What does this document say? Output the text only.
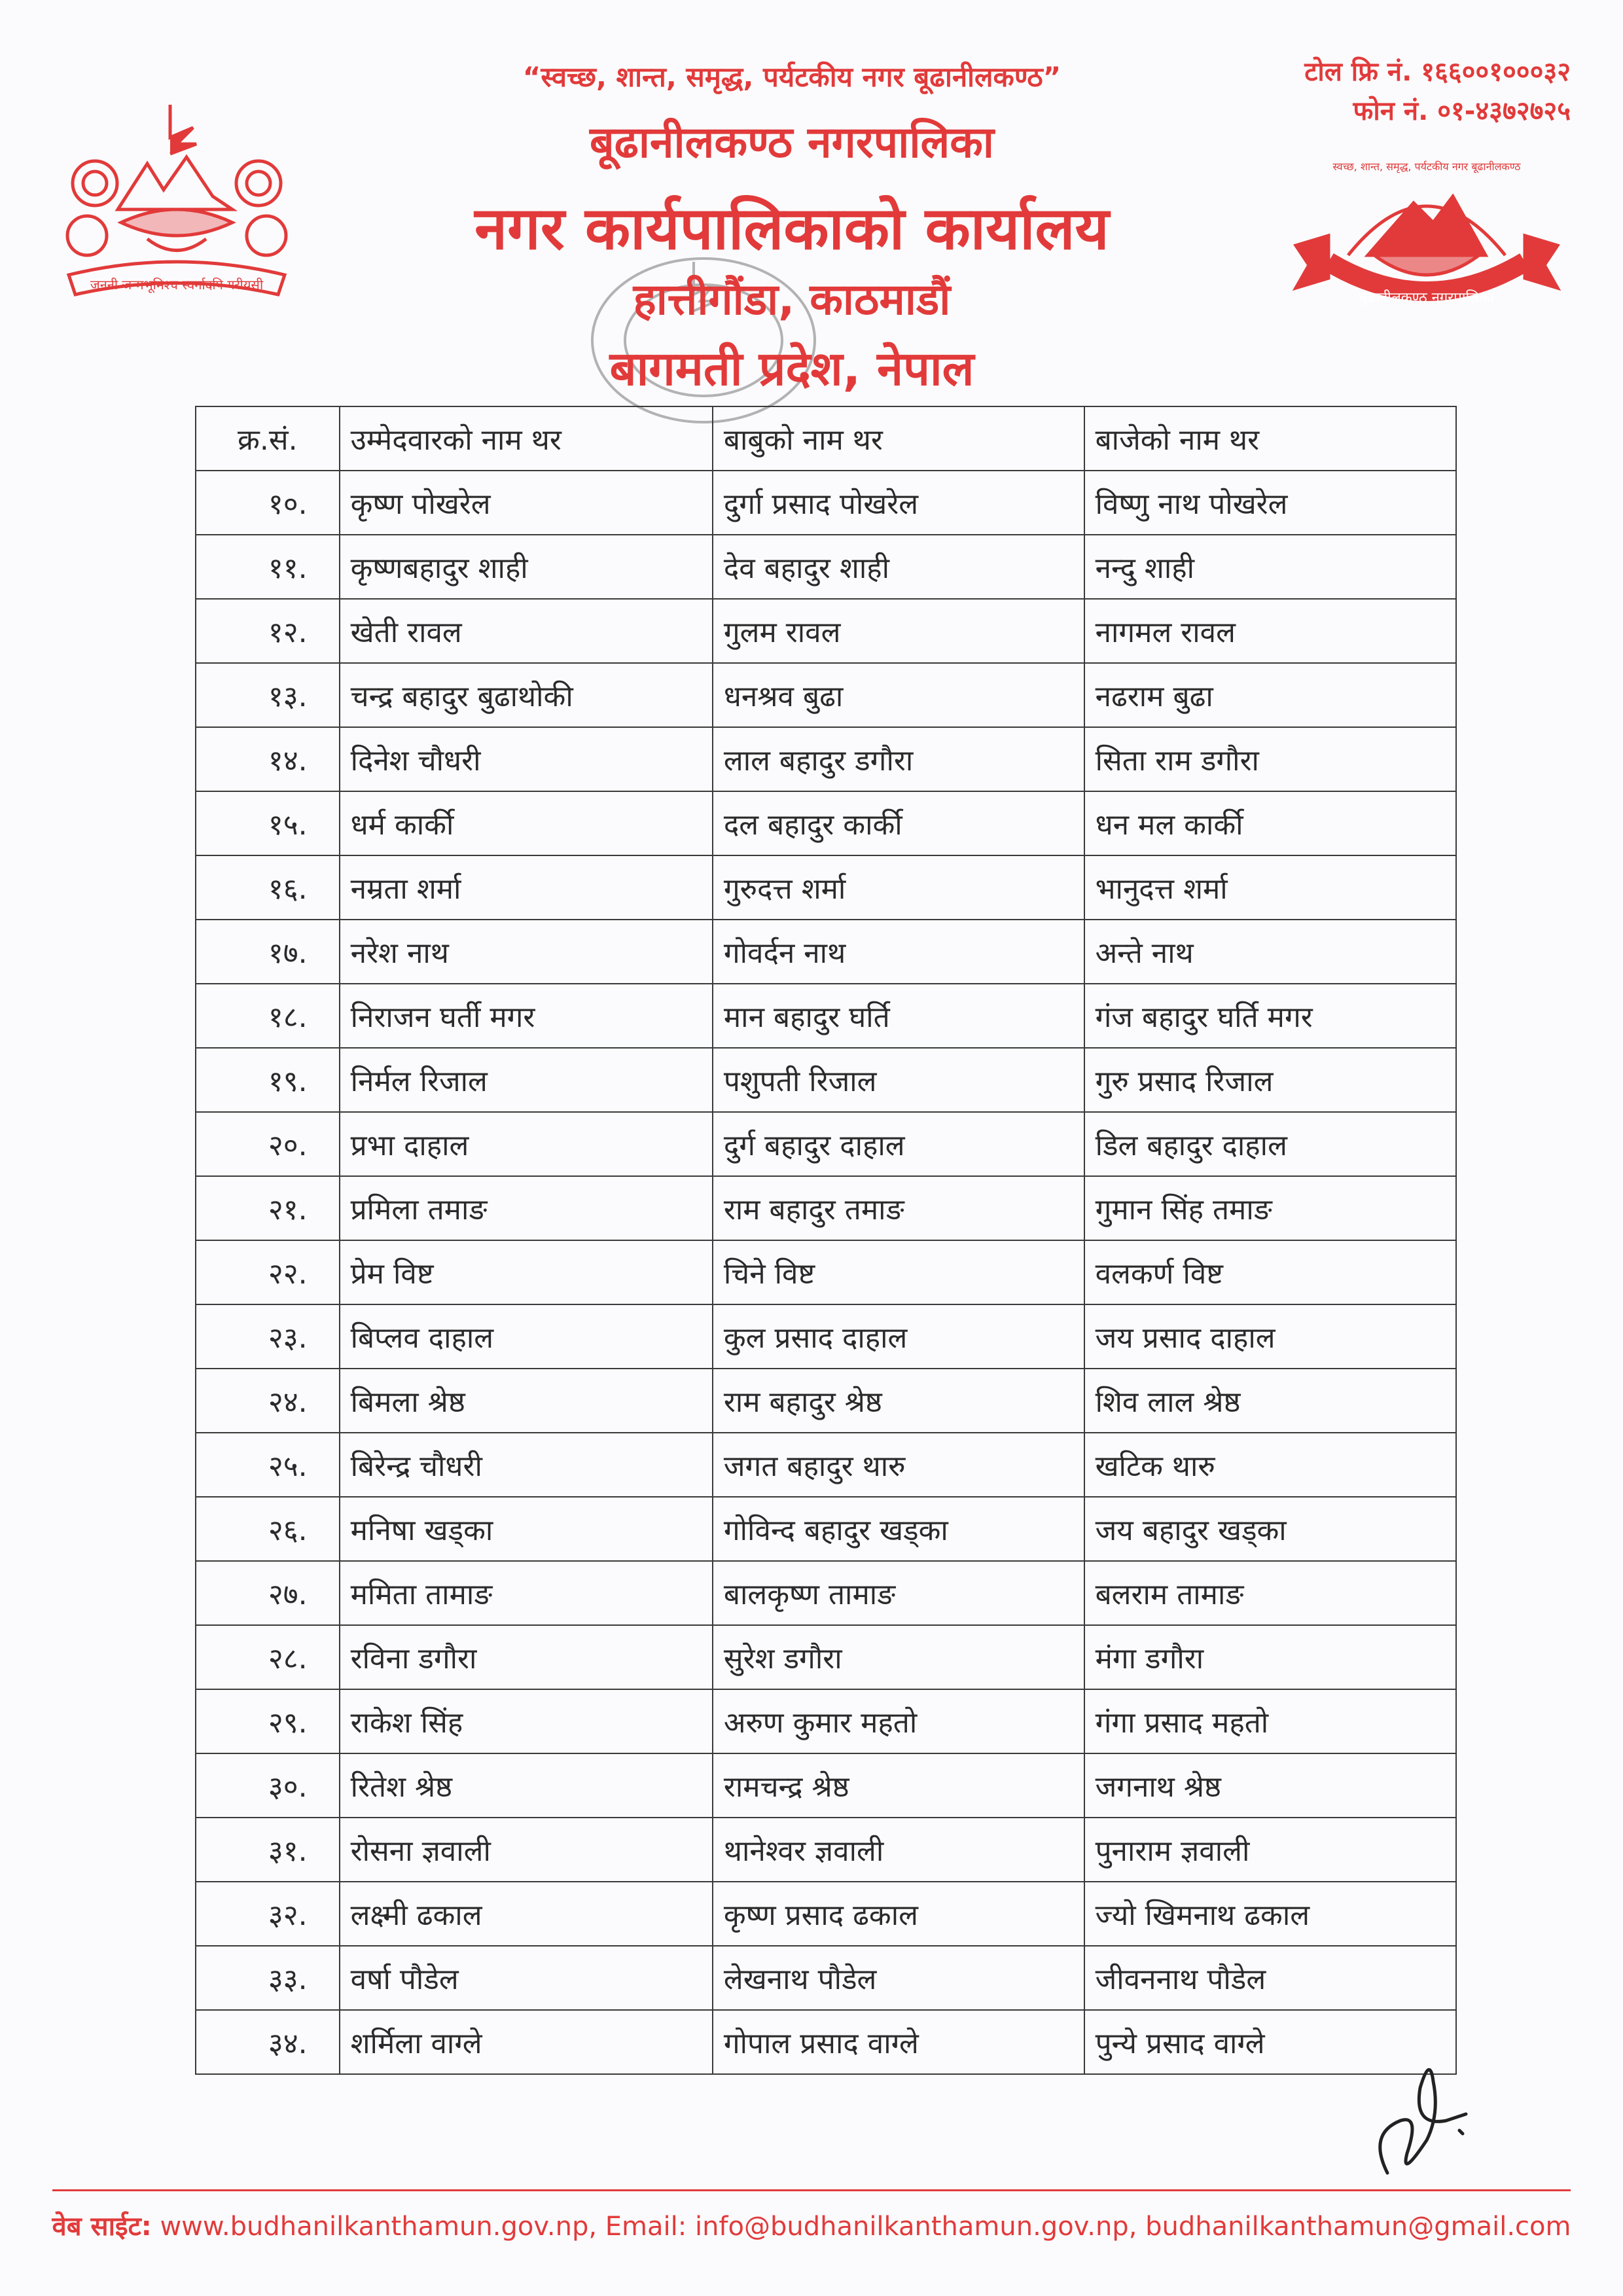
जननी जन्मभूमिश्च स्वर्गादपि गरीयसी
स्वच्छ, शान्त, समृद्ध, पर्यटकीय नगर बूढानीलकण्ठ
बूढानीलकण्ठ नगरपालिका
“स्वच्छ, शान्त, समृद्ध, पर्यटकीय नगर बूढानीलकण्ठ”
बूढानीलकण्ठ नगरपालिका
नगर कार्यपालिकाको कार्यालय
हात्तीगौंडा, काठमाडौं
बागमती प्रदेश, नेपाल
टोल फ्रि नं. १६६००१०००३२
फोन नं. ०१-४३७२७२५
क्र.सं.	उम्मेदवारको नाम थर	बाबुको नाम थर	बाजेको नाम थर
१०.	कृष्ण पोखरेल	दुर्गा प्रसाद पोखरेल	विष्णु नाथ पोखरेल
११.	कृष्णबहादुर शाही	देव बहादुर शाही	नन्दु शाही
१२.	खेती रावल	गुलम रावल	नागमल रावल
१३.	चन्द्र बहादुर बुढाथोकी	धनश्रव बुढा	नढराम बुढा
१४.	दिनेश चौधरी	लाल बहादुर डगौरा	सिता राम डगौरा
१५.	धर्म कार्की	दल बहादुर कार्की	धन मल कार्की
१६.	नम्रता शर्मा	गुरुदत्त शर्मा	भानुदत्त शर्मा
१७.	नरेश नाथ	गोवर्दन नाथ	अन्ते नाथ
१८.	निराजन घर्ती मगर	मान बहादुर घर्ति	गंज बहादुर घर्ति मगर
१९.	निर्मल रिजाल	पशुपती रिजाल	गुरु प्रसाद रिजाल
२०.	प्रभा दाहाल	दुर्ग बहादुर दाहाल	डिल बहादुर दाहाल
२१.	प्रमिला तमाङ	राम बहादुर तमाङ	गुमान सिंह तमाङ
२२.	प्रेम विष्ट	चिने विष्ट	वलकर्ण विष्ट
२३.	बिप्लव दाहाल	कुल प्रसाद दाहाल	जय प्रसाद दाहाल
२४.	बिमला श्रेष्ठ	राम बहादुर श्रेष्ठ	शिव लाल श्रेष्ठ
२५.	बिरेन्द्र चौधरी	जगत बहादुर थारु	खटिक थारु
२६.	मनिषा खड्का	गोविन्द बहादुर खड्का	जय बहादुर खड्का
२७.	ममिता तामाङ	बालकृष्ण तामाङ	बलराम तामाङ
२८.	रविना डगौरा	सुरेश डगौरा	मंगा डगौरा
२९.	राकेश सिंह	अरुण कुमार महतो	गंगा प्रसाद महतो
३०.	रितेश श्रेष्ठ	रामचन्द्र श्रेष्ठ	जगनाथ श्रेष्ठ
३१.	रोसना ज्ञवाली	थानेश्वर ज्ञवाली	पुनाराम ज्ञवाली
३२.	लक्ष्मी ढकाल	कृष्ण प्रसाद ढकाल	ज्यो खिमनाथ ढकाल
३३.	वर्षा पौडेल	लेखनाथ पौडेल	जीवननाथ पौडेल
३४.	शर्मिला वाग्ले	गोपाल प्रसाद वाग्ले	पुन्ये प्रसाद वाग्ले
वेब साईट: www.budhanilkanthamun.gov.np, Email: info@budhanilkanthamun.gov.np, budhanilkanthamun@gmail.com
